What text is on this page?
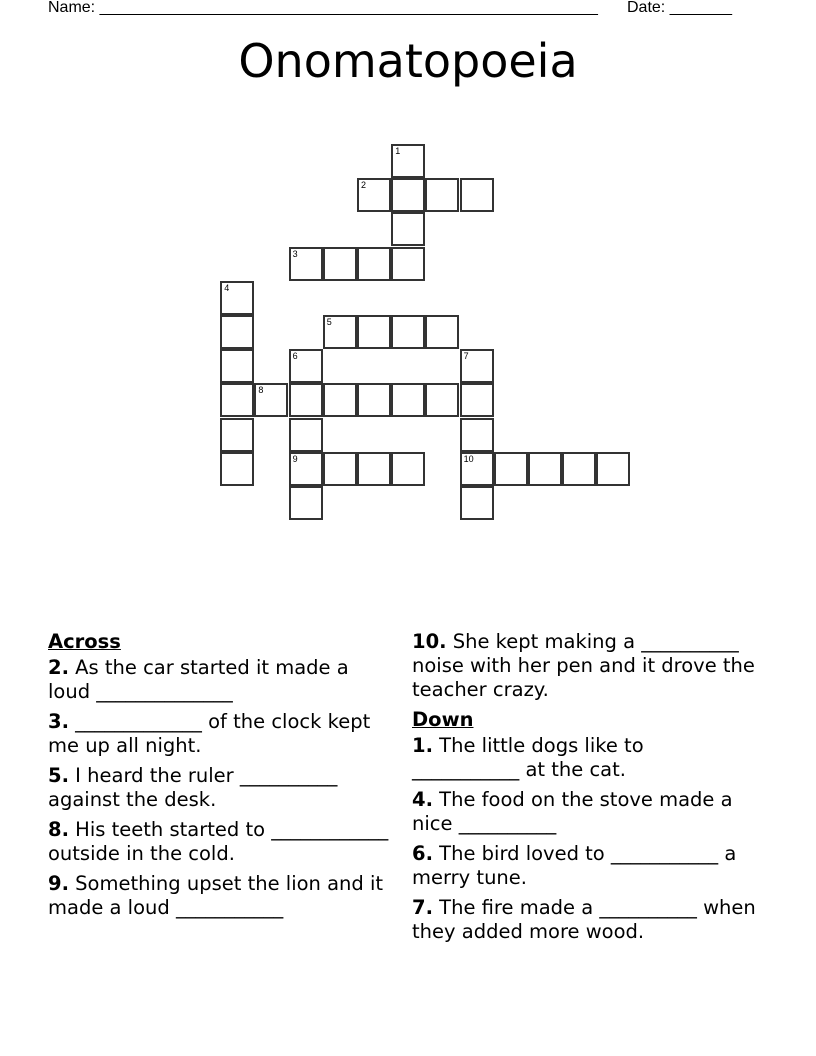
Name: ________________________________________________________ Date: _______
Onomatopoeia
1
2
3
4
5
6
9
7
10
8
Across
2. As the car started it made a loud ______________
3. _____________ of the clock kept me up all night.
5. I heard the ruler __________ against the desk.
8. His teeth started to ____________ outside in the cold.
9. Something upset the lion and it made a loud ___________
10. She kept making a __________ noise with her pen and it drove the teacher crazy.
Down
1. The little dogs like to ___________ at the cat.
4. The food on the stove made a nice __________
6. The bird loved to ___________ a merry tune.
7. The fire made a __________ when they added more wood.
